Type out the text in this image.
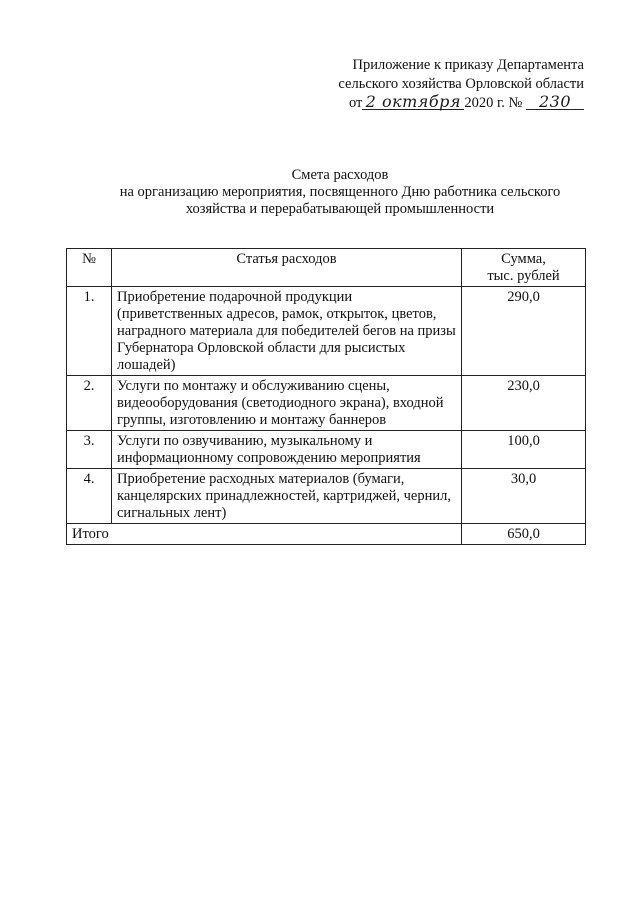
Приложение к приказу Департамента
сельского хозяйства Орловской области
от 2 октября 2020 г. № 230
Смета расходов
на организацию мероприятия, посвященного Дню работника сельского
хозяйства и перерабатывающей промышленности
№	Статья расходов	Сумма,
тыс. рублей

1.	Приобретение подарочной продукции (приветственных адресов, рамок, открыток, цветов, наградного материала для победителей бегов на призы Губернатора Орловской области для рысистых лошадей)	290,0
2.	Услуги по монтажу и обслуживанию сцены, видеооборудования (светодиодного экрана), входной группы, изготовлению и монтажу баннеров	230,0
3.	Услуги по озвучиванию, музыкальному и информационному сопровождению мероприятия	100,0
4.	Приобретение расходных материалов (бумаги, канцелярских принадлежностей, картриджей, чернил, сигнальных лент)	30,0
Итого		650,0
